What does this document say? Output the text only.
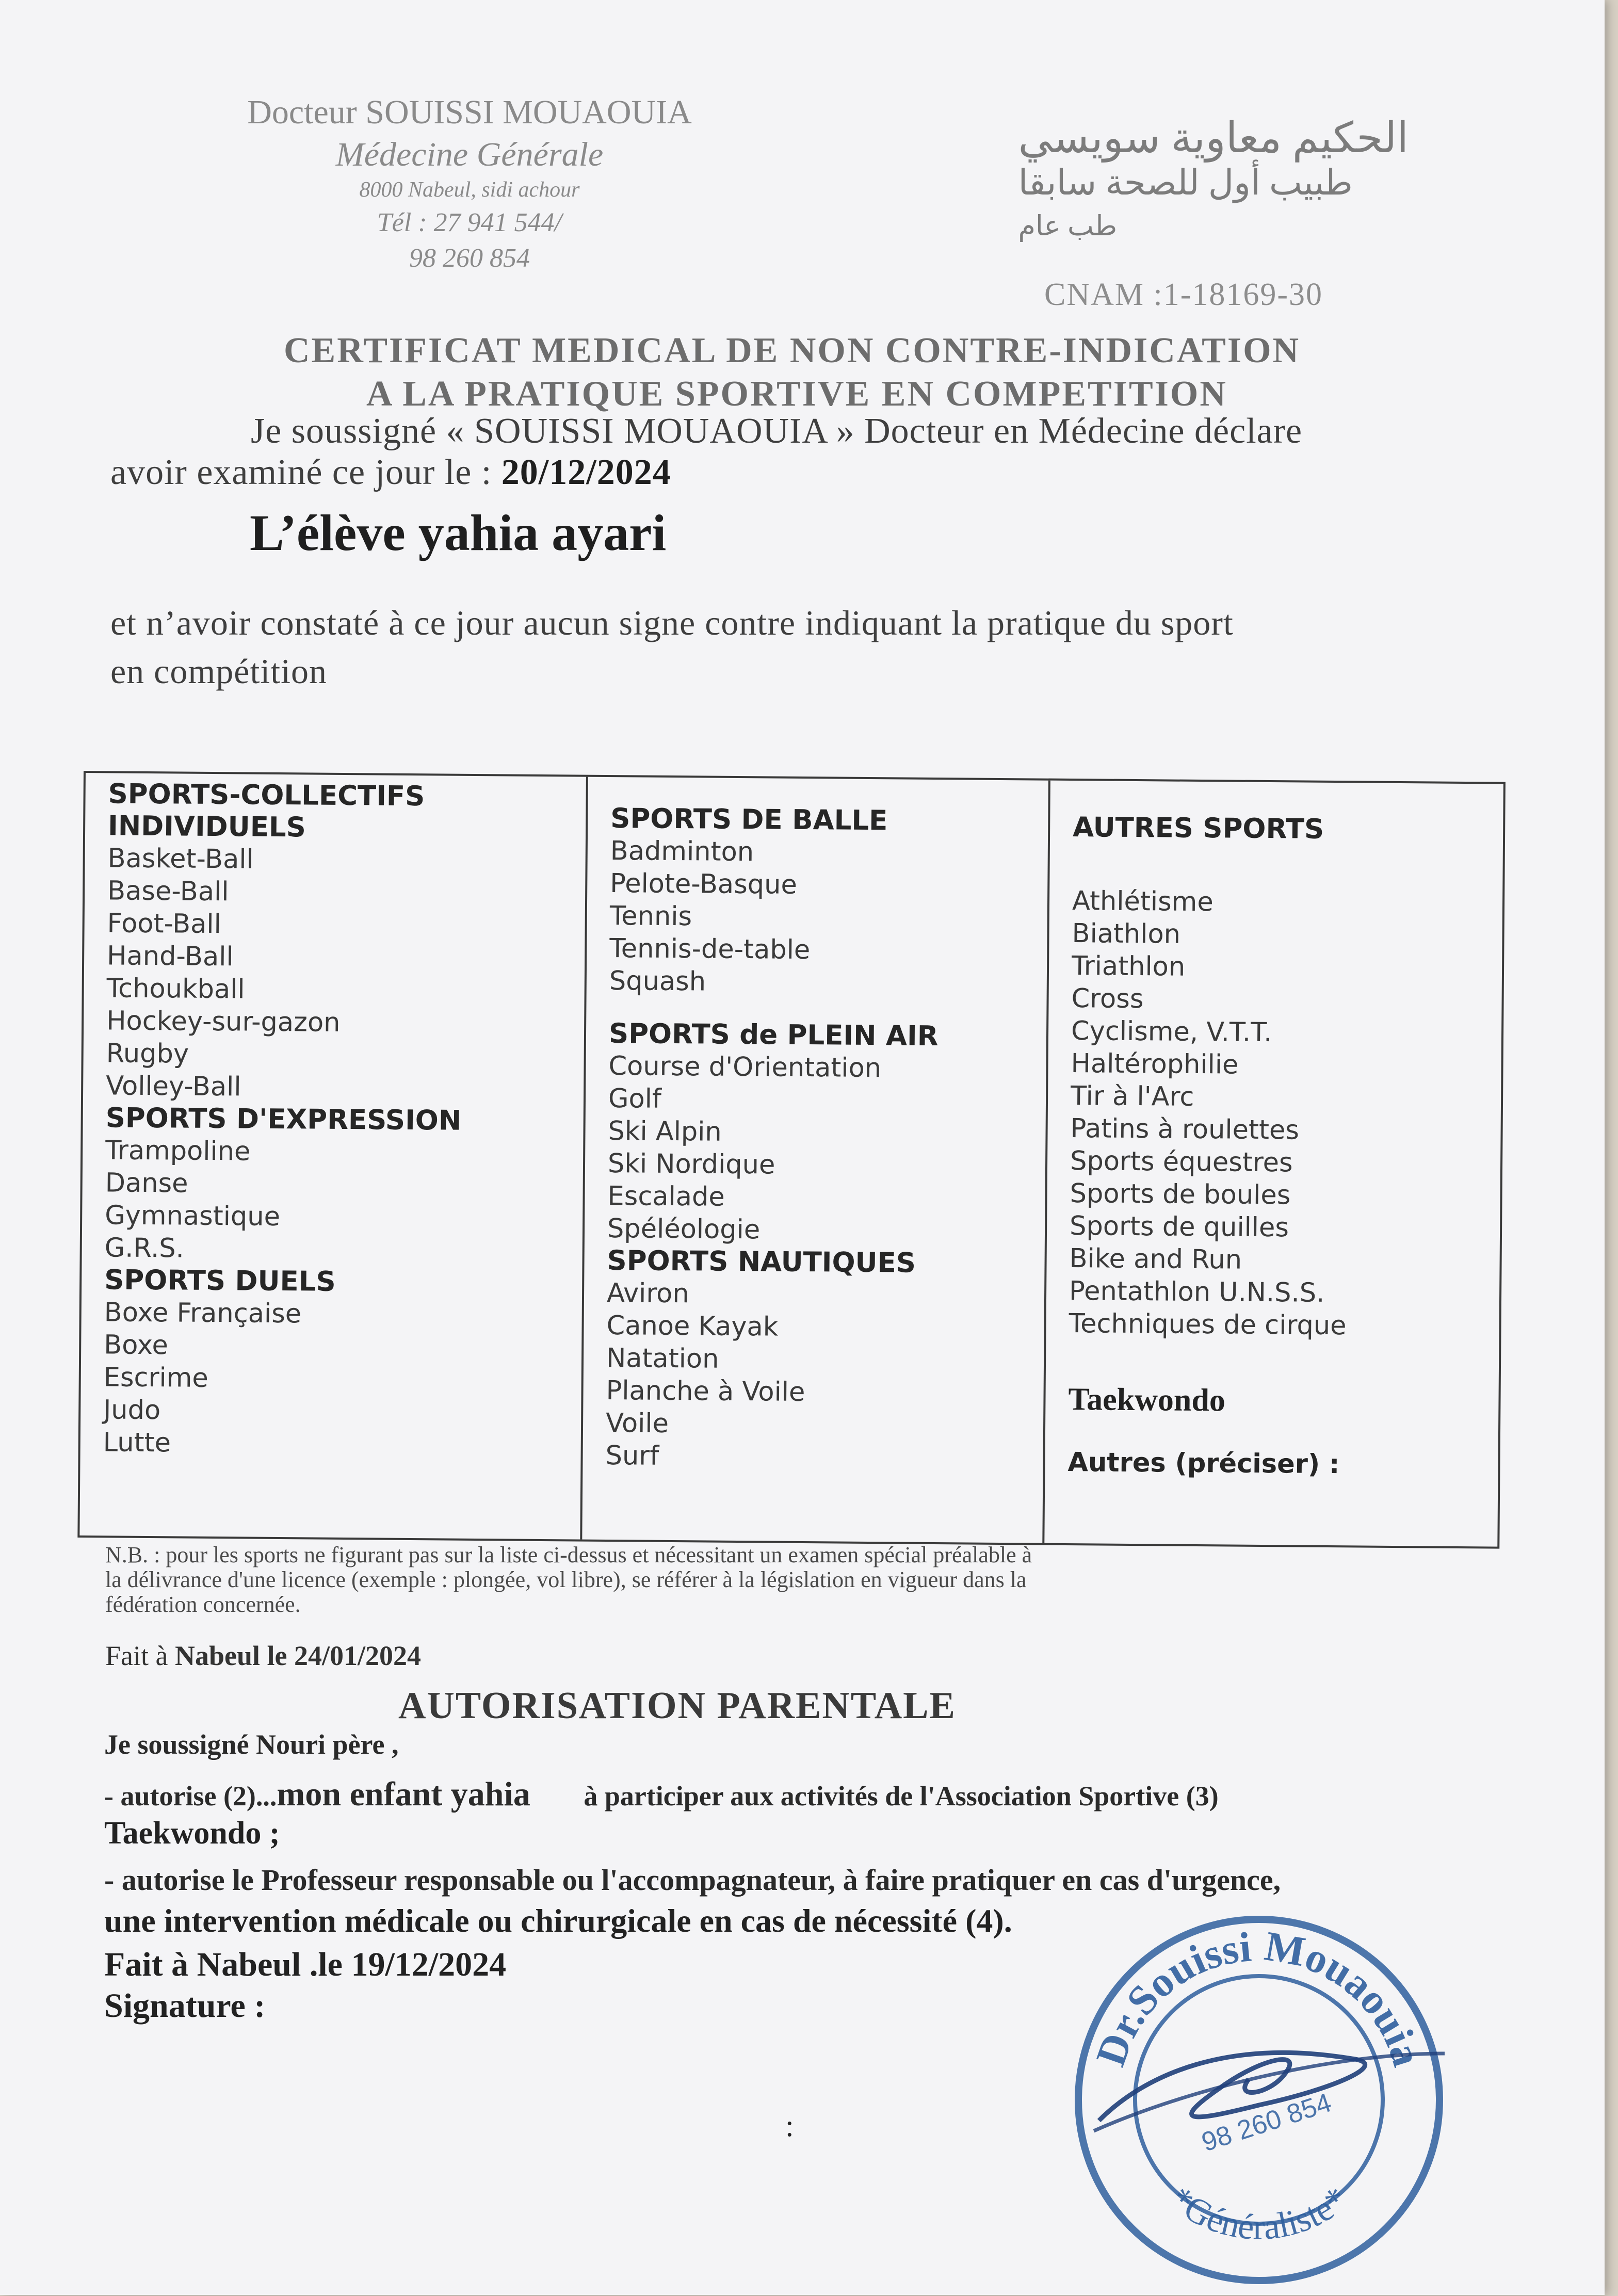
Docteur SOUISSI MOUAOUIA
Médecine Générale
8000 Nabeul, sidi achour
Tél : 27 941 544/
98 260 854
الحكيم معاوية سويسي
طبيب أول للصحة سابقا
طب عام
CNAM :1-18169-30
CERTIFICAT MEDICAL DE NON CONTRE-INDICATION
A LA PRATIQUE SPORTIVE EN COMPETITION
Je soussigné « SOUISSI MOUAOUIA » Docteur en Médecine déclare
avoir examiné ce jour le : 20/12/2024
L’élève yahia ayari
et n’avoir constaté à ce jour aucun signe contre indiquant la pratique du sport
en compétition
SPORTS-COLLECTIFS
INDIVIDUELS
Basket-Ball
Base-Ball
Foot-Ball
Hand-Ball
Tchoukball
Hockey-sur-gazon
Rugby
Volley-Ball
SPORTS D'EXPRESSION
Trampoline
Danse
Gymnastique
G.R.S.
SPORTS DUELS
Boxe Française
Boxe
Escrime
Judo
Lutte
SPORTS DE BALLE
Badminton
Pelote-Basque
Tennis
Tennis-de-table
Squash
SPORTS de PLEIN AIR
Course d'Orientation
Golf
Ski Alpin
Ski Nordique
Escalade
Spéléologie
SPORTS NAUTIQUES
Aviron
Canoe Kayak
Natation
Planche à Voile
Voile
Surf
AUTRES SPORTS
Athlétisme
Biathlon
Triathlon
Cross
Cyclisme, V.T.T.
Haltérophilie
Tir à l'Arc
Patins à roulettes
Sports équestres
Sports de boules
Sports de quilles
Bike and Run
Pentathlon U.N.S.S.
Techniques de cirque
Taekwondo
Autres (préciser) :
N.B. : pour les sports ne figurant pas sur la liste ci-dessus et nécessitant un examen spécial préalable à
la délivrance d'une licence (exemple : plongée, vol libre), se référer à la législation en vigueur dans la
fédération concernée.
Fait à Nabeul le 24/01/2024
AUTORISATION PARENTALE
Je soussigné Nouri père ,
- autorise (2)...mon enfant yahia à participer aux activités de l'Association Sportive (3)
Taekwondo ;
- autorise le Professeur responsable ou l'accompagnateur, à faire pratiquer en cas d'urgence,
une intervention médicale ou chirurgicale en cas de nécessité (4).
Fait à Nabeul .le 19/12/2024
Signature :
:
Dr.Souissi Mouaouia
*Généraliste*
98 260 854
